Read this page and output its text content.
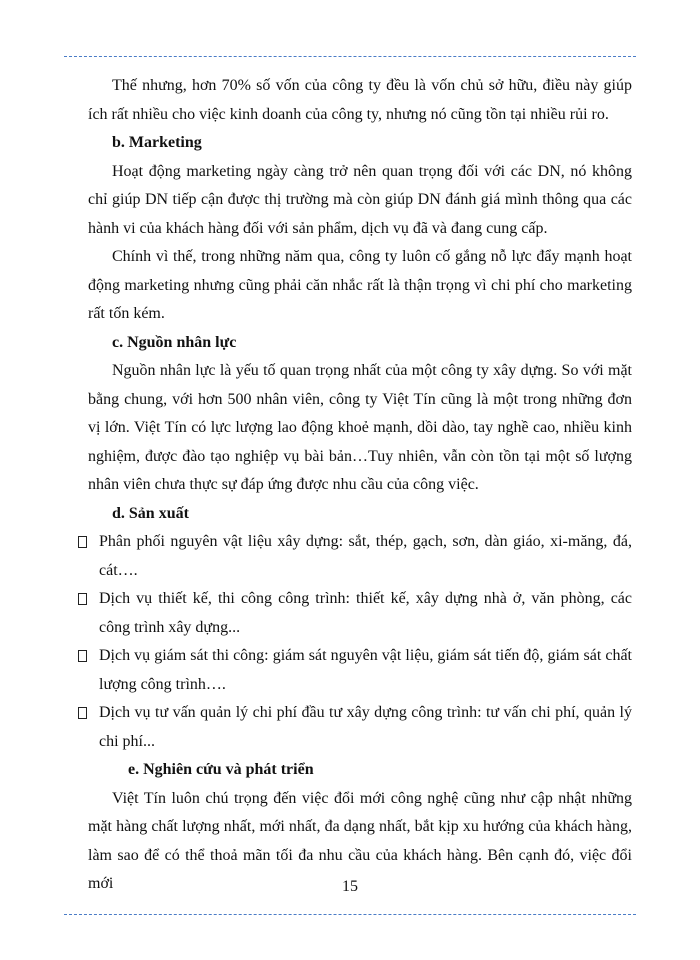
Thế nhưng, hơn 70% số vốn của công ty đều là vốn chủ sở hữu, điều này giúp ích rất nhiều cho việc kinh doanh của công ty, nhưng nó cũng tồn tại nhiều rủi ro.

b. Marketing

Hoạt động marketing ngày càng trở nên quan trọng đối với các DN, nó không chỉ giúp DN tiếp cận được thị trường mà còn giúp DN đánh giá mình thông qua các hành vi của khách hàng đối với sản phẩm, dịch vụ đã và đang cung cấp.

Chính vì thế, trong những năm qua, công ty luôn cố gắng nỗ lực đẩy mạnh hoạt động marketing nhưng cũng phải căn nhắc rất là thận trọng vì chi phí cho marketing rất tốn kém.

c. Nguồn nhân lực

Nguồn nhân lực là yếu tố quan trọng nhất của một công ty xây dựng. So với mặt bằng chung, với hơn 500 nhân viên, công ty Việt Tín cũng là một trong những đơn vị lớn. Việt Tín có lực lượng lao động khoẻ mạnh, dồi dào, tay nghề cao, nhiều kinh nghiệm, được đào tạo nghiệp vụ bài bản…Tuy nhiên, vẫn còn tồn tại một số lượng nhân viên chưa thực sự đáp ứng được nhu cầu của công việc.

d. Sản xuất

Phân phối nguyên vật liệu xây dựng: sắt, thép, gạch, sơn, dàn giáo, xi-măng, đá, cát….
Dịch vụ thiết kế, thi công công trình: thiết kế, xây dựng nhà ở, văn phòng, các công trình xây dựng...
Dịch vụ giám sát thi công: giám sát nguyên vật liệu, giám sát tiến độ, giám sát chất lượng công trình….
Dịch vụ tư vấn quản lý chi phí đầu tư xây dựng công trình: tư vấn chi phí, quản lý chi phí...

e. Nghiên cứu và phát triển

Việt Tín luôn chú trọng đến việc đổi mới công nghệ cũng như cập nhật những mặt hàng chất lượng nhất, mới nhất, đa dạng nhất, bắt kịp xu hướng của khách hàng, làm sao để có thể thoả mãn tối đa nhu cầu của khách hàng. Bên cạnh đó, việc đổi mới	15
